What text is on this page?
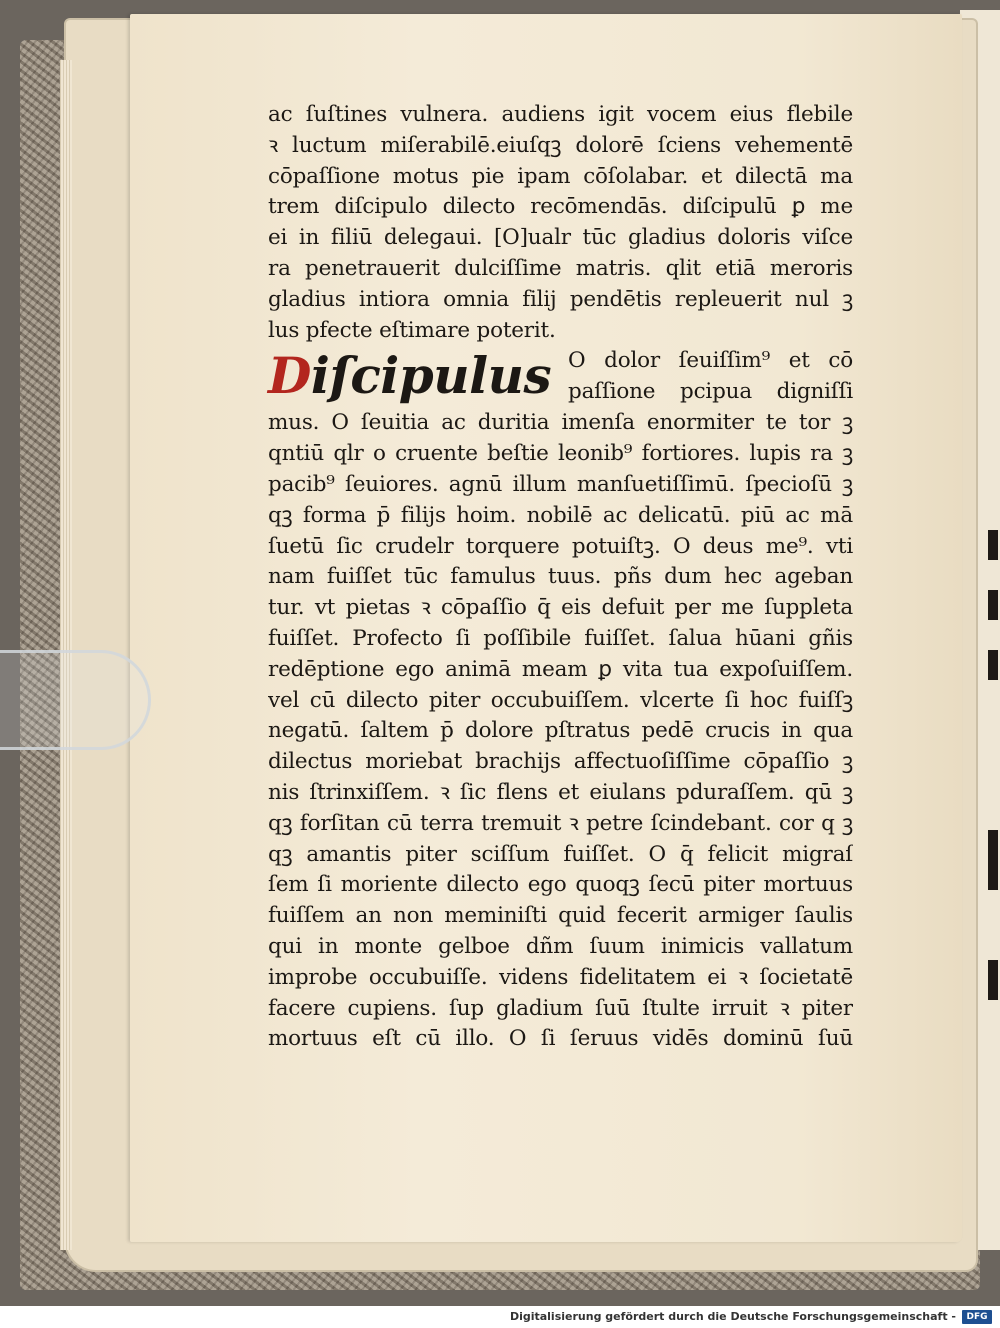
ac ſuſtines vulnera. audiens igit vocem eius flebile
ꝛ luctum miſerabilē.eiuſqꝫ dolorē ſciens vehementē
cōpaſſione motus pie ipam cōſolabar. et dilectā ma
trem diſcipulo dilecto recōmendās. diſcipulū ꝑ me
ei in filiū delegaui. [O]ualr tūc gladius doloris viſce
ra penetrauerit dulciſſime matris. qlit etiā meroris
gladius intiora omnia filij pendētis repleuerit nul ꝫ
lus pfecte eſtimare poterit.
Diſcipulus O dolor ſeuiſſim⁹ et cō
paſſione pcipua digniſſi
mus. O ſeuitia ac duritia imenſa enormiter te tor ꝫ
qntiū qlr o cruente beſtie leonib⁹ fortiores. lupis ra ꝫ
pacib⁹ ſeuiores. agnū illum manſuetiſſimū. ſpecioſū ꝫ
qꝫ forma p̄ filijs hoim. nobilē ac delicatū. piū ac mā
ſuetū ſic crudelr torquere potuiſtꝫ. O deus me⁹. vti
nam fuiſſet tūc famulus tuus. pñs dum hec ageban
tur. vt pietas ꝛ cōpaſſio q̄ eis defuit per me ſuppleta
fuiſſet. Profecto ſi poſſibile fuiſſet. ſalua hūani gñis
redēptione ego animā meam ꝑ vita tua expoſuiſſem.
vel cū dilecto piter occubuiſſem. vlcerte ſi hoc fuiſſꝫ
negatū. ſaltem p̄ dolore pſtratus pedē crucis in qua
dilectus moriebat brachijs affectuoſiſſime cōpaſſio ꝫ
nis ſtrinxiſſem. ꝛ ſic flens et eiulans pduraſſem. qū ꝫ
qꝫ forſitan cū terra tremuit ꝛ petre ſcindebant. cor q ꝫ
qꝫ amantis piter sciſſum fuiſſet. O q̄ felicit migraſ
ſem ſi moriente dilecto ego quoqꝫ ſecū piter mortuus
fuiſſem an non meminiſti quid fecerit armiger ſaulis
qui in monte gelboe dñm ſuum inimicis vallatum
improbe occubuiſſe. videns fidelitatem ei ꝛ ſocietatē
facere cupiens. ſup gladium ſuū ſtulte irruit ꝛ piter
mortuus eſt cū illo. O ſi ſeruus vidēs dominū ſuū
Digitalisierung gefördert durch die Deutsche Forschungsgemeinschaft -	DFG
